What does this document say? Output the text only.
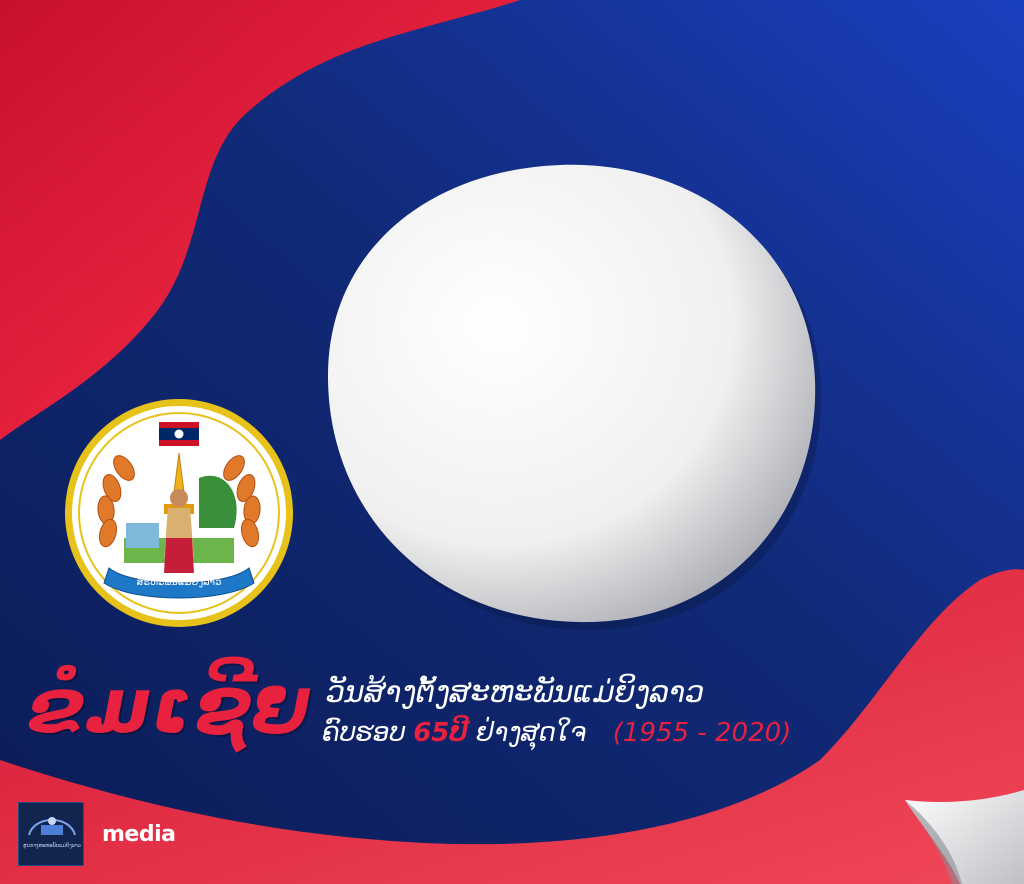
ສະຫະພັນແມ່ຍິງລາວ
ຂໍມເຊີຍ ວັນສ້າງຕັ້ງສະຫະພັນແມ່ຍິງລາວ
ຄົບຮອບ 65ປີ ຢ່າງສຸດໃຈ (1955 - 2020)
ສູນກາງສະຫະພັນແມ່ຍິງລາວ media
